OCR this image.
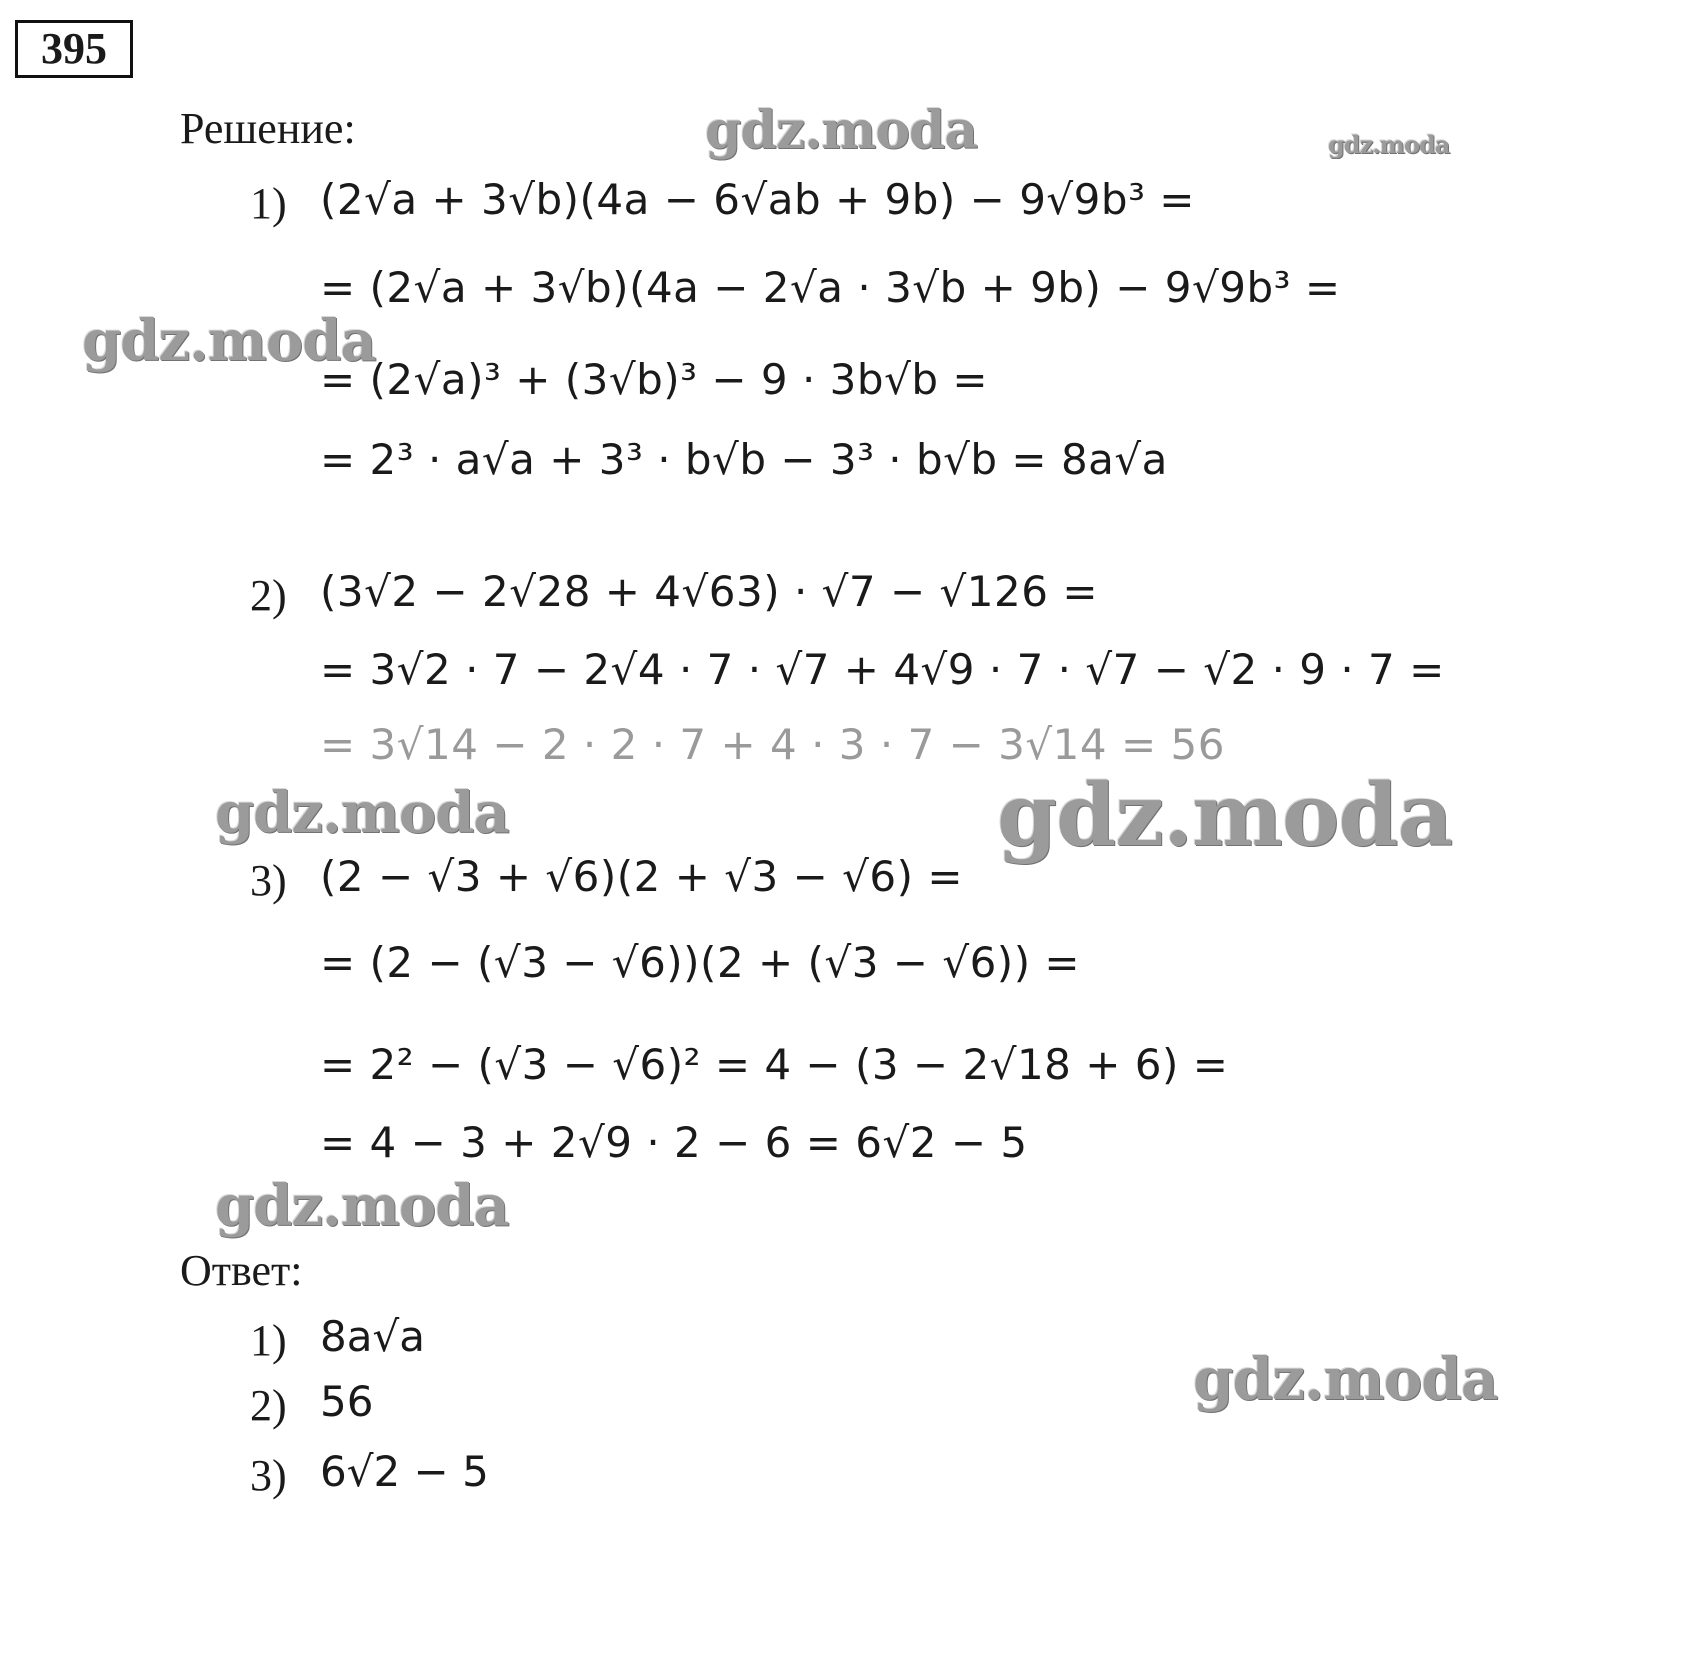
395
Решение:
1) (2√a + 3√b)(4a − 6√ab + 9b) − 9√9b³ =
= (2√a + 3√b)(4a − 2√a · 3√b + 9b) − 9√9b³ =
= (2√a)³ + (3√b)³ − 9 · 3b√b =
= 2³ · a√a + 3³ · b√b − 3³ · b√b = 8a√a
2) (3√2 − 2√28 + 4√63) · √7 − √126 =
= 3√2 · 7 − 2√4 · 7 · √7 + 4√9 · 7 · √7 − √2 · 9 · 7 =
= 3√14 − 2 · 2 · 7 + 4 · 3 · 7 − 3√14 = 56
3) (2 − √3 + √6)(2 + √3 − √6) =
= (2 − (√3 − √6))(2 + (√3 − √6)) =
= 2² − (√3 − √6)² = 4 − (3 − 2√18 + 6) =
= 4 − 3 + 2√9 · 2 − 6 = 6√2 − 5
Ответ:
1) 8a√a
2) 56
3) 6√2 − 5
gdz.moda	gdz.moda
gdz.moda
gdz.moda	gdz.moda
gdz.moda
gdz.moda
